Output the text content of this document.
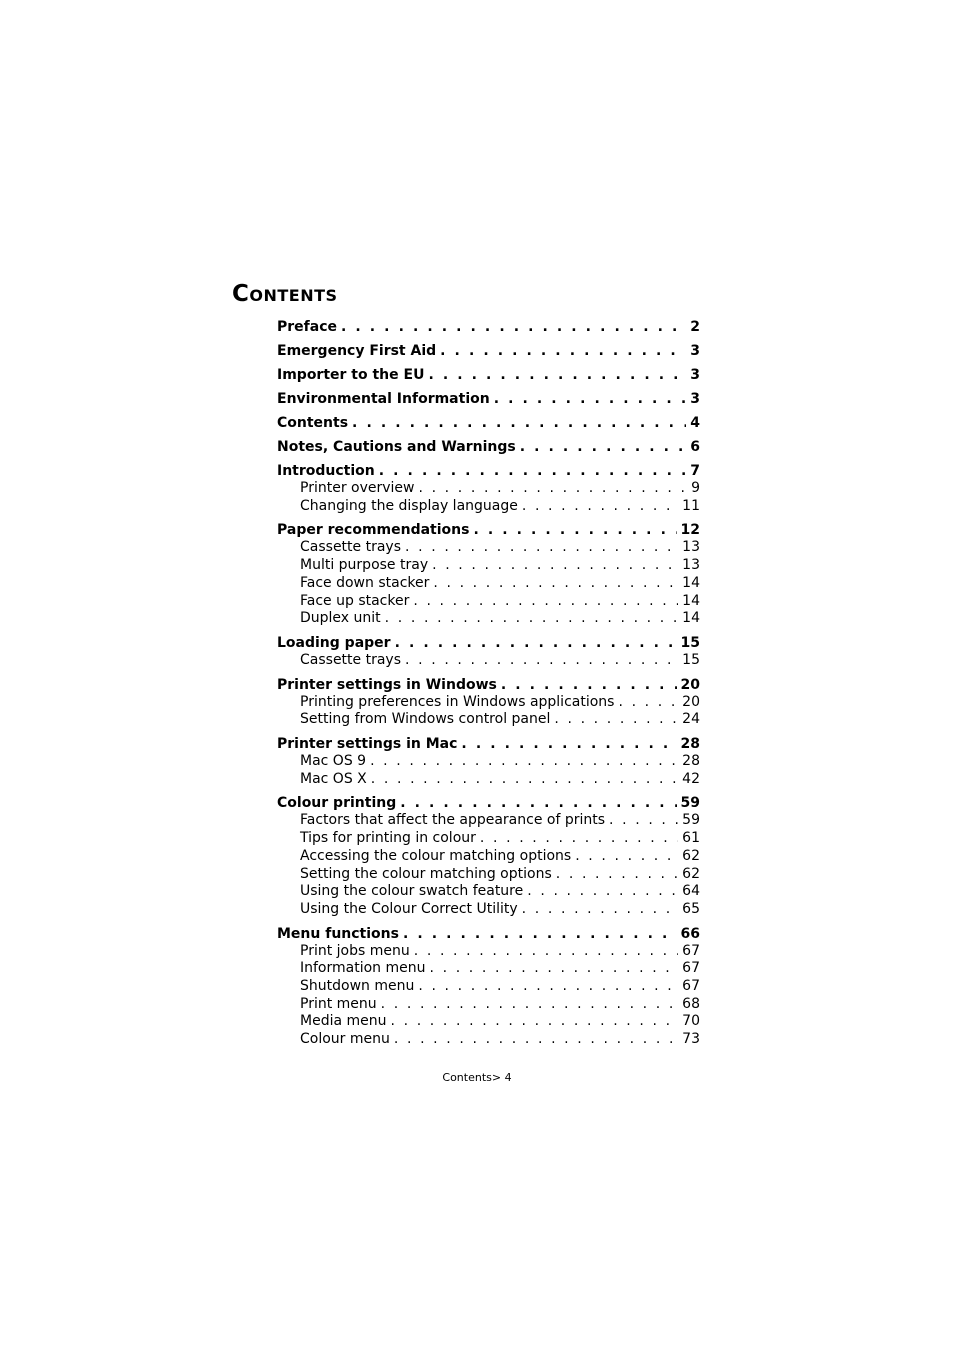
Contents
Preface . . .	2
Emergency First Aid . . .	3
Importer to the EU . . .	3
Environmental Information . . .	3
Contents . . .	4
Notes, Cautions and Warnings . . .	6
Introduction . . .	7
Printer overview . . .	9
Changing the display language . . .	11
Paper recommendations . . .	12
Cassette trays . . .	13
Multi purpose tray . . .	13
Face down stacker . . .	14
Face up stacker . . .	14
Duplex unit . . .	14
Loading paper . . .	15
Cassette trays . . .	15
Printer settings in Windows . . .	20
Printing preferences in Windows applications . . .	20
Setting from Windows control panel . . .	24
Printer settings in Mac . . .	28
Mac OS 9 . . .	28
Mac OS X . . .	42
Colour printing . . .	59
Factors that affect the appearance of prints . . .	59
Tips for printing in colour . . .	61
Accessing the colour matching options . . .	62
Setting the colour matching options . . .	62
Using the colour swatch feature . . .	64
Using the Colour Correct Utility . . .	65
Menu functions . . .	66
Print jobs menu . . .	67
Information menu . . .	67
Shutdown menu . . .	67
Print menu . . .	68
Media menu . . .	70
Colour menu . . .	73
Contents> 4
